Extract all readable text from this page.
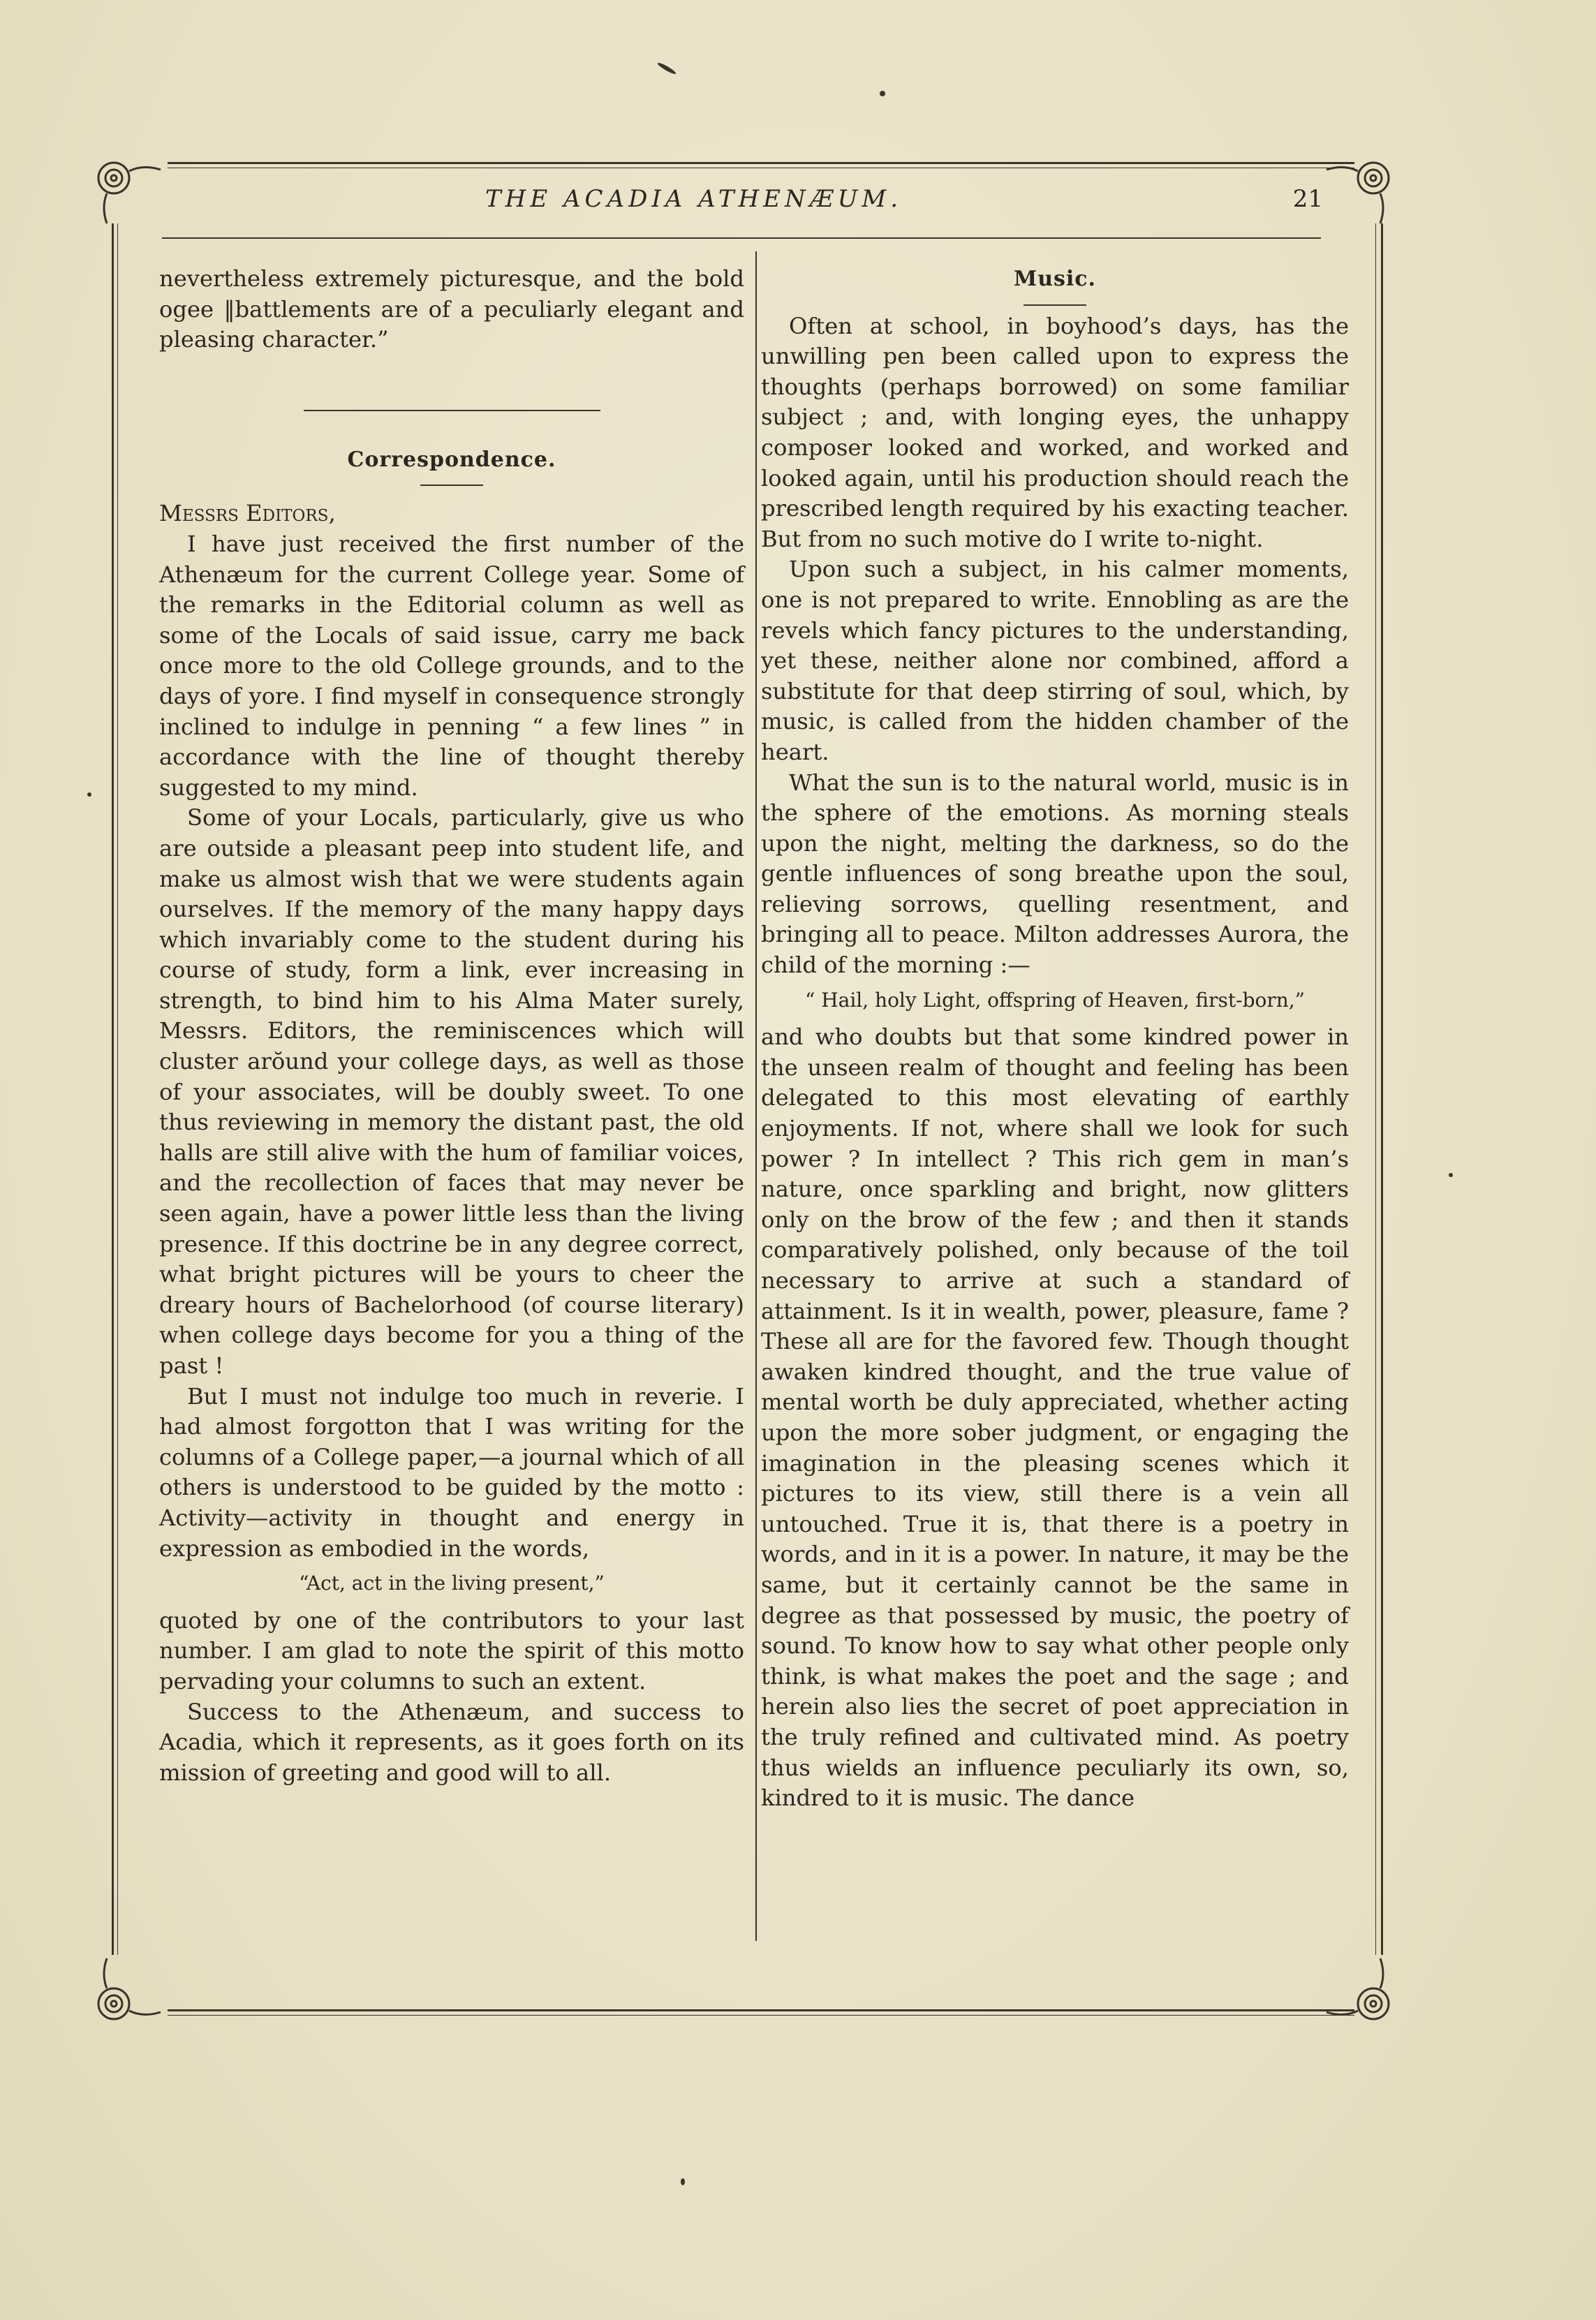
THE ACADIA ATHENÆUM.	21

nevertheless extremely picturesque, and the bold ogee ‖battlements are of a peculiarly elegant and pleasing character.”

Correspondence.

Messrs Editors,

I have just received the first number of the Athenæum for the current College year. Some of the remarks in the Editorial column as well as some of the Locals of said issue, carry me back once more to the old College grounds, and to the days of yore. I find myself in consequence strongly inclined to indulge in penning “ a few lines ” in accordance with the line of thought thereby suggested to my mind.

Some of your Locals, particularly, give us who are outside a pleasant peep into student life, and make us almost wish that we were students again ourselves. If the memory of the many happy days which invariably come to the student during his course of study, form a link, ever increasing in strength, to bind him to his Alma Mater surely, Messrs. Editors, the reminiscences which will cluster arŏund your college days, as well as those of your associates, will be doubly sweet. To one thus reviewing in memory the distant past, the old halls are still alive with the hum of familiar voices, and the recollection of faces that may never be seen again, have a power little less than the living presence. If this doctrine be in any degree correct, what bright pictures will be yours to cheer the dreary hours of Bachelorhood (of course literary) when college days become for you a thing of the past !

But I must not indulge too much in reverie. I had almost forgotton that I was writing for the columns of a College paper,—a journal which of all others is understood to be guided by the motto : Activity—activity in thought and energy in expression as embodied in the words,

“Act, act in the living present,”

quoted by one of the contributors to your last number. I am glad to note the spirit of this motto pervading your columns to such an extent.

Success to the Athenæum, and success to Acadia, which it represents, as it goes forth on its mission of greeting and good will to all.

Music.

Often at school, in boyhood’s days, has the unwilling pen been called upon to express the thoughts (perhaps borrowed) on some familiar subject ; and, with longing eyes, the unhappy composer looked and worked, and worked and looked again, until his production should reach the prescribed length required by his exacting teacher. But from no such motive do I write to-night.

Upon such a subject, in his calmer moments, one is not prepared to write. Ennobling as are the revels which fancy pictures to the understanding, yet these, neither alone nor combined, afford a substitute for that deep stirring of soul, which, by music, is called from the hidden chamber of the heart.

What the sun is to the natural world, music is in the sphere of the emotions. As morning steals upon the night, melting the darkness, so do the gentle influences of song breathe upon the soul, relieving sorrows, quelling resentment, and bringing all to peace. Milton addresses Aurora, the child of the morning :—

“ Hail, holy Light, offspring of Heaven, first-born,”

and who doubts but that some kindred power in the unseen realm of thought and feeling has been delegated to this most elevating of earthly enjoyments. If not, where shall we look for such power ? In intellect ? This rich gem in man’s nature, once sparkling and bright, now glitters only on the brow of the few ; and then it stands comparatively polished, only because of the toil necessary to arrive at such a standard of attainment. Is it in wealth, power, pleasure, fame ? These all are for the favored few. Though thought awaken kindred thought, and the true value of mental worth be duly appreciated, whether acting upon the more sober judgment, or engaging the imagination in the pleasing scenes which it pictures to its view, still there is a vein all untouched. True it is, that there is a poetry in words, and in it is a power. In nature, it may be the same, but it certainly cannot be the same in degree as that possessed by music, the poetry of sound. To know how to say what other people only think, is what makes the poet and the sage ; and herein also lies the secret of poet appreciation in the truly refined and cultivated mind. As poetry thus wields an influence peculiarly its own, so, kindred to it is music. The dance
